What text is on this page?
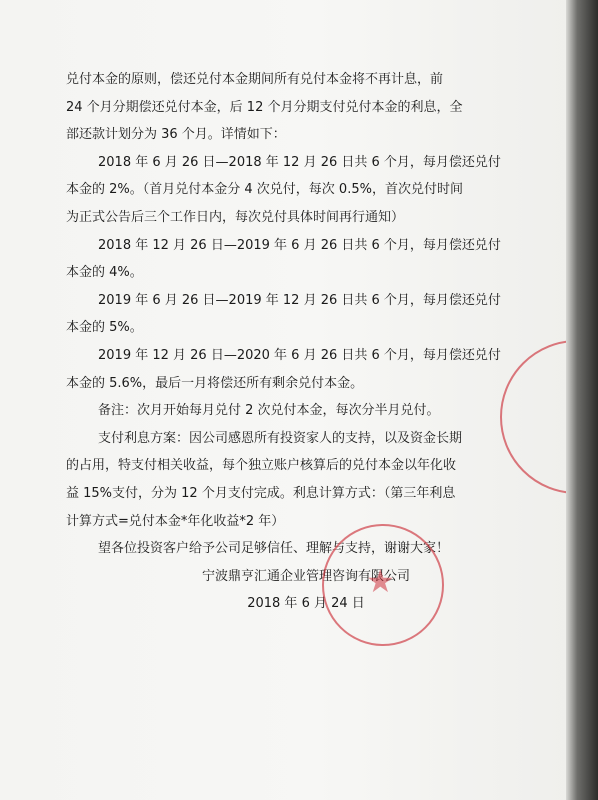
兑付本金的原则，偿还兑付本金期间所有兑付本金将不再计息，前

24 个月分期偿还兑付本金，后 12 个月分期支付兑付本金的利息，全

部还款计划分为 36 个月。详情如下：

2018 年 6 月 26 日—2018 年 12 月 26 日共 6 个月，每月偿还兑付

本金的 2%。（首月兑付本金分 4 次兑付，每次 0.5%，首次兑付时间

为正式公告后三个工作日内，每次兑付具体时间再行通知）

2018 年 12 月 26 日—2019 年 6 月 26 日共 6 个月，每月偿还兑付

本金的 4%。

2019 年 6 月 26 日—2019 年 12 月 26 日共 6 个月，每月偿还兑付

本金的 5%。

2019 年 12 月 26 日—2020 年 6 月 26 日共 6 个月，每月偿还兑付

本金的 5.6%，最后一月将偿还所有剩余兑付本金。

备注：次月开始每月兑付 2 次兑付本金，每次分半月兑付。

支付利息方案：因公司感恩所有投资家人的支持，以及资金长期

的占用，特支付相关收益，每个独立账户核算后的兑付本金以年化收

益 15%支付，分为 12 个月支付完成。利息计算方式：（第三年利息

计算方式=兑付本金*年化收益*2 年）

望各位投资客户给予公司足够信任、理解与支持，谢谢大家！

宁波鼎亨汇通企业管理咨询有限公司

2018 年 6 月 24 日

★
